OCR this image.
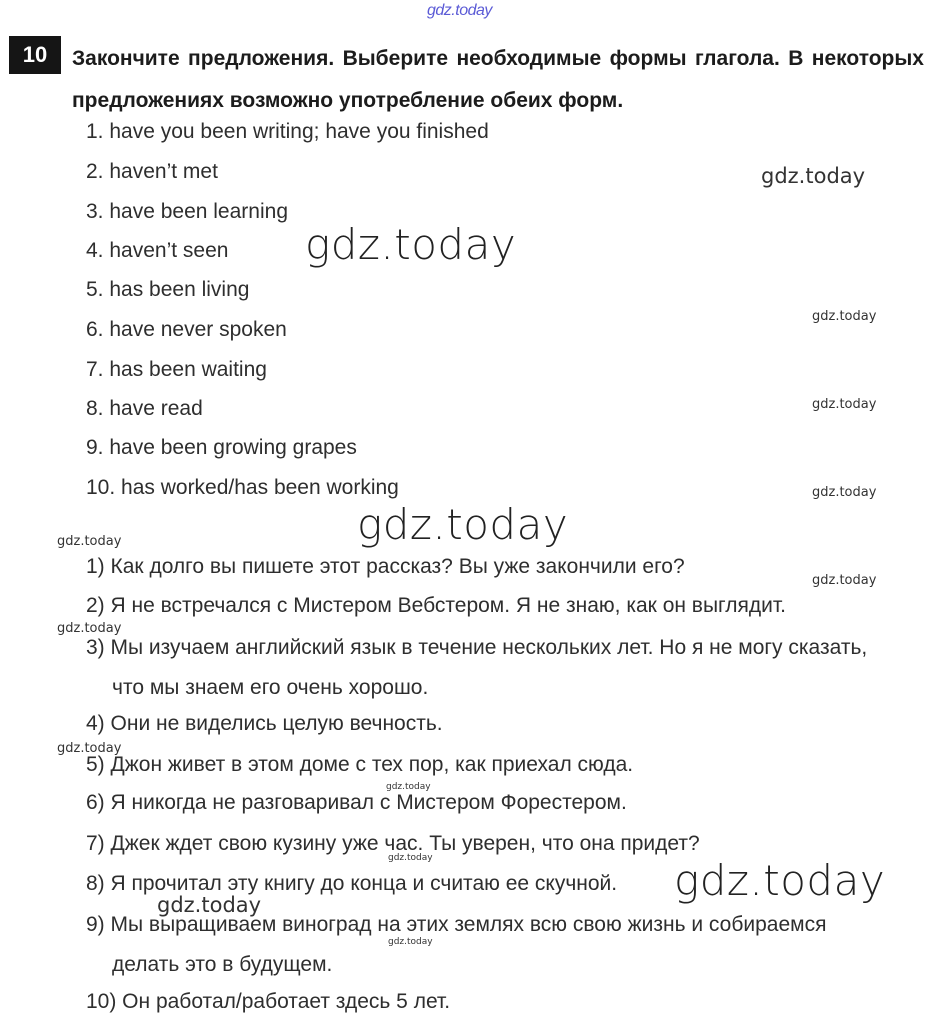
gdz.today
10	Закончите предложения. Выберите необходимые формы глагола. В некоторых предложениях возможно употребление обеих форм.
1. have you been writing; have you finished
2. haven’t met
3. have been learning
4. haven’t seen
5. has been living
6. have never spoken
7. has been waiting
8. have read
9. have been growing grapes
10. has worked/has been working
1) Как долго вы пишете этот рассказ? Вы уже закончили его?
2) Я не встречался с Мистером Вебстером. Я не знаю, как он выглядит.
3) Мы изучаем английский язык в течение нескольких лет. Но я не могу сказать,
что мы знаем его очень хорошо.
4) Они не виделись целую вечность.
5) Джон живет в этом доме с тех пор, как приехал сюда.
6) Я никогда не разговаривал с Мистером Форестером.
7) Джек ждет свою кузину уже час. Ты уверен, что она придет?
8) Я прочитал эту книгу до конца и считаю ее скучной.
9) Мы выращиваем виноград на этих землях всю свою жизнь и собираемся
делать это в будущем.
10) Он работал/работает здесь 5 лет.
gdz.today
gdz.today
gdz.today
gdz.today
gdz.today
gdz.today
gdz.today
gdz.today
gdz.today
gdz.today
gdz.today
gdz.today	gdz.today
gdz.today
gdz.today
